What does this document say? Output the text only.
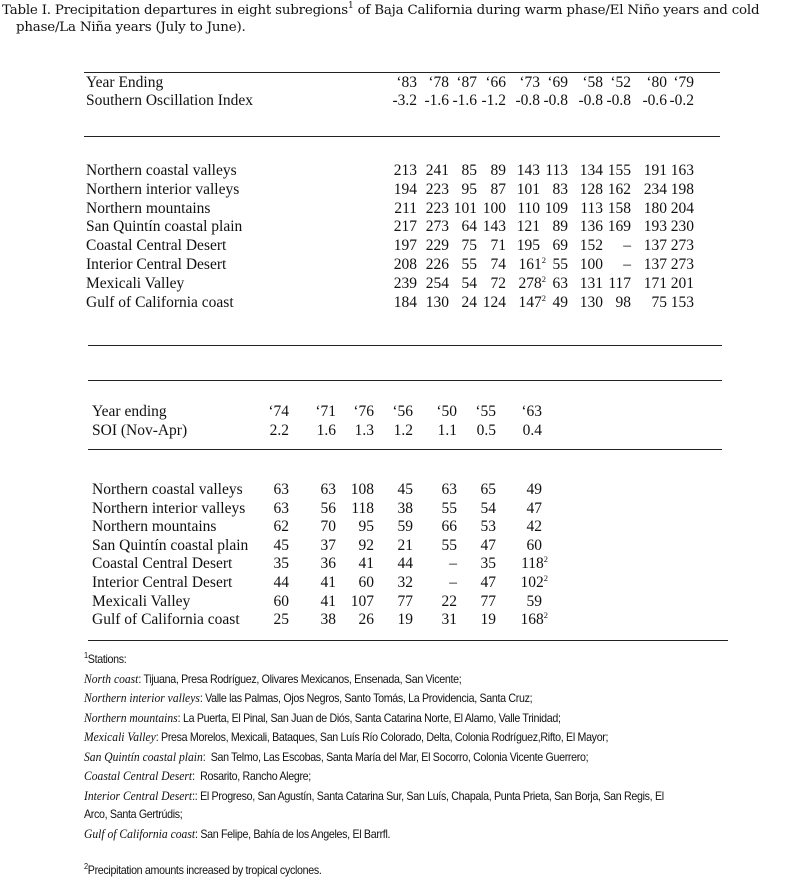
Table I. Precipitation departures in eight subregions$^1$ of Baja California during warm phase/El Niño years and cold
phase/La Niña years (July to June).
Year Ending	‘83 ‘78 ‘87 ‘66 ‘73 ‘69 ‘58 ‘52 ‘80 ‘79
Southern Oscillation Index	-3.2 -1.6 -1.6 -1.2 -0.8 -0.8 -0.8 -0.8 -0.6 -0.2
Northern coastal valleys	213 241 85 89 143 113 134 155 191 163
Northern interior valleys	194 223 95 87 101 83 128 162 234 198
Northern mountains	211 223 101 100 110 109 113 158 180 204
San Quintín coastal plain	217 273 64 143 121 89 136 169 193 230
Coastal Central Desert	197 229 75 71 195 69 152	– 137 273
Interior Central Desert	208 226 55 74 $161^2$ 55 100	– 137 273
Mexicali Valley	239 254 54 72 $278^2$ 63 131 117 171 201
Gulf of California coast	184 130 24 124 $147^2$ 49 130 98	75 153
Year ending	‘74	‘71	‘76	‘56	‘50	‘55	‘63
SOI (Nov-Apr)	2.2	1.6	1.3	1.2	1.1	0.5	0.4
Northern coastal valleys	63	63 108	45	63	65	49
Northern interior valleys	63	56 118	38	55	54	47
Northern mountains	62	70	95	59	66	53	42
San Quintín coastal plain	45	37	92	21	55	47	60
Coastal Central Desert	35	36	41	44	–	35	$118^2$
Interior Central Desert	44	41	60	32	–	47	$102^2$
Mexicali Valley	60	41 107	77	22	77	59
Gulf of California coast	25	38	26	19	31	19	$168^2$
$^1$Stations:
North coast: Tijuana, Presa Rodríguez, Olivares Mexicanos, Ensenada, San Vicente;
Northern interior valleys: Valle las Palmas, Ojos Negros, Santo Tomás, La Providencia, Santa Cruz;
Northern mountains: La Puerta, El Pinal, San Juan de Diós, Santa Catarina Norte, El Alamo, Valle Trinidad;
Mexicali Valley: Presa Morelos, Mexicali, Bataques, San Luís Río Colorado, Delta, Colonia Rodríguez,Rifto, El Mayor;
San Quintín coastal plain:  San Telmo, Las Escobas, Santa María del Mar, El Socorro, Colonia Vicente Guerrero;
Coastal Central Desert:  Rosarito, Rancho Alegre;
Interior Central Desert:: El Progreso, San Agustín, Santa Catarina Sur, San Luís, Chapala, Punta Prieta, San Borja, San Regis, El
Arco, Santa Gertrúdis;
Gulf of California coast: San Felipe, Bahía de los Angeles, El Barrfl.
$^2$Precipitation amounts increased by tropical cyclones.
